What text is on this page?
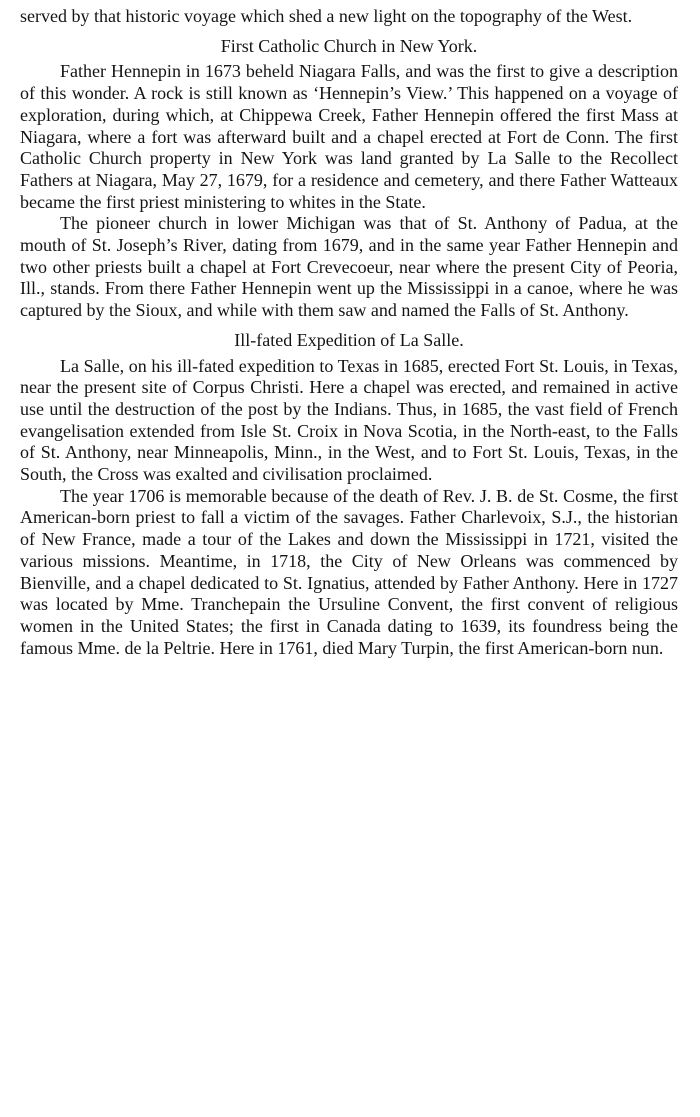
served by that historic voyage which shed a new light on the topography of the West.

First Catholic Church in New York.

Father Hennepin in 1673 beheld Niagara Falls, and was the first to give a description of this wonder. A rock is still known as ‘Hennepin’s View.’ This happened on a voyage of exploration, during which, at Chippewa Creek, Father Hennepin offered the first Mass at Niagara, where a fort was afterward built and a chapel erected at Fort de Conn. The first Catholic Church property in New York was land granted by La Salle to the Recollect Fathers at Niagara, May 27, 1679, for a residence and cemetery, and there Father Watteaux became the first priest ministering to whites in the State.

The pioneer church in lower Michigan was that of St. Anthony of Padua, at the mouth of St. Joseph’s River, dating from 1679, and in the same year Father Hennepin and two other priests built a chapel at Fort Crevecoeur, near where the present City of Peoria, Ill., stands. From there Father Hennepin went up the Mississippi in a canoe, where he was captured by the Sioux, and while with them saw and named the Falls of St. Anthony.

Ill-fated Expedition of La Salle.

La Salle, on his ill-fated expedition to Texas in 1685, erected Fort St. Louis, in Texas, near the present site of Corpus Christi. Here a chapel was erected, and remained in active use until the destruction of the post by the Indians. Thus, in 1685, the vast field of French evangelisation extended from Isle St. Croix in Nova Scotia, in the North-east, to the Falls of St. Anthony, near Minneapolis, Minn., in the West, and to Fort St. Louis, Texas, in the South, the Cross was exalted and civilisation proclaimed.

The year 1706 is memorable because of the death of Rev. J. B. de St. Cosme, the first American-born priest to fall a victim of the savages. Father Charlevoix, S.J., the historian of New France, made a tour of the Lakes and down the Mississippi in 1721, visited the various missions. Meantime, in 1718, the City of New Orleans was commenced by Bienville, and a chapel dedicated to St. Ignatius, attended by Father Anthony. Here in 1727 was located by Mme. Tranchepain the Ursuline Convent, the first convent of religious women in the United States; the first in Canada dating to 1639, its foundress being the famous Mme. de la Peltrie. Here in 1761, died Mary Turpin, the first American-born nun.
